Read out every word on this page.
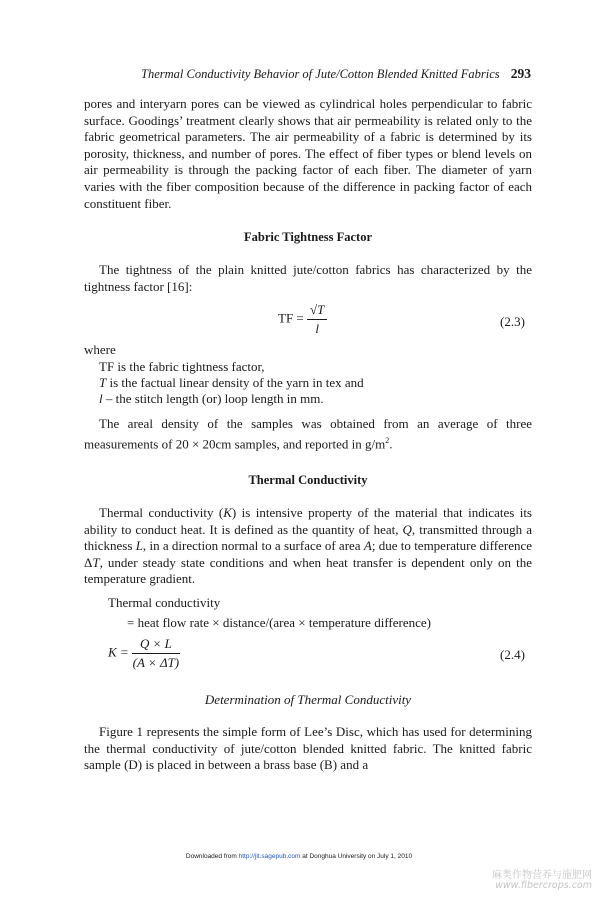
Thermal Conductivity Behavior of Jute/Cotton Blended Knitted Fabrics 293

pores and interyarn pores can be viewed as cylindrical holes perpendicular to fabric surface. Goodings’ treatment clearly shows that air permeability is related only to the fabric geometrical parameters. The air permeability of a fabric is determined by its porosity, thickness, and number of pores. The effect of fiber types or blend levels on air permeability is through the packing factor of each fiber. The diameter of yarn varies with the fiber composition because of the difference in packing factor of each constituent fiber.

Fabric Tightness Factor

The tightness of the plain knitted jute/cotton fabrics has characterized by the tightness factor [16]:

TF = $\frac{√T}{l}$	(2.3)
where
TF is the fabric tightness factor,
T is the factual linear density of the yarn in tex and
l – the stitch length (or) loop length in mm.

The areal density of the samples was obtained from an average of three measurements of 20 × 20cm samples, and reported in $g/m^2$.

Thermal Conductivity

Thermal conductivity (K) is intensive property of the material that indicates its ability to conduct heat. It is defined as the quantity of heat, Q, transmitted through a thickness L, in a direction normal to a surface of area A; due to temperature difference ΔT, under steady state conditions and when heat transfer is dependent only on the temperature gradient.

Thermal conductivity
= heat flow rate × distance/(area × temperature difference)
$K = \frac{Q \times L}{(A \times \Delta T)}$	(2.4)
Determination of Thermal Conductivity

Figure 1 represents the simple form of Lee’s Disc, which has used for determining the thermal conductivity of jute/cotton blended knitted fabric. The knitted fabric sample (D) is placed in between a brass base (B) and a

Downloaded from http://jit.sagepub.com at Donghua University on July 1, 2010
麻类作物营养与施肥网
www.fibercrops.com
